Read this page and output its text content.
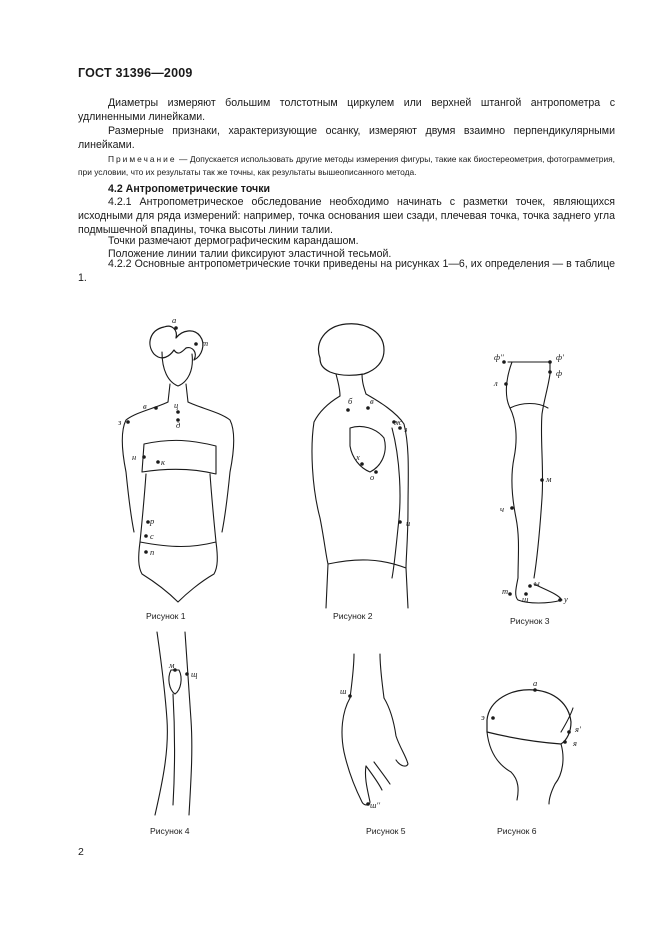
ГОСТ 31396—2009
Диаметры измеряют большим толстотным циркулем или верхней штангой антропометра с удлиненными линейками.
Размерные признаки, характеризующие осанку, измеряют двумя взаимно перпендикулярными линейками.
Примечание — Допускается использовать другие методы измерения фигуры, такие как биостереометрия, фотограмметрия, при условии, что их результаты так же точны, как результаты вышеописанного метода.
4.2 Антропометрические точки
4.2.1 Антропометрическое обследование необходимо начинать с разметки точек, являющихся исходными для ряда измерений: например, точка основания шеи сзади, плечевая точка, точка заднего угла подмышечной впадины, точка высоты линии талии.
Точки размечают дермографическим карандашом.
Положение линии талии фиксируют эластичной тесьмой.
4.2.2 Основные антропометрические точки приведены на рисунках 1—6, их определения — в таблице 1.
а
т
в	ц
з	д
н	к
р
с
п
Рисунок 1
б в
ж
з
х
о
и
Рисунок 2
ф''	ф'
ф
л
м
ч
ы
т
ш	у
Рисунок 3
м
щ
Рисунок 4
ш
ш''
Рисунок 5
а
э
я'
я
Рисунок 6
2
